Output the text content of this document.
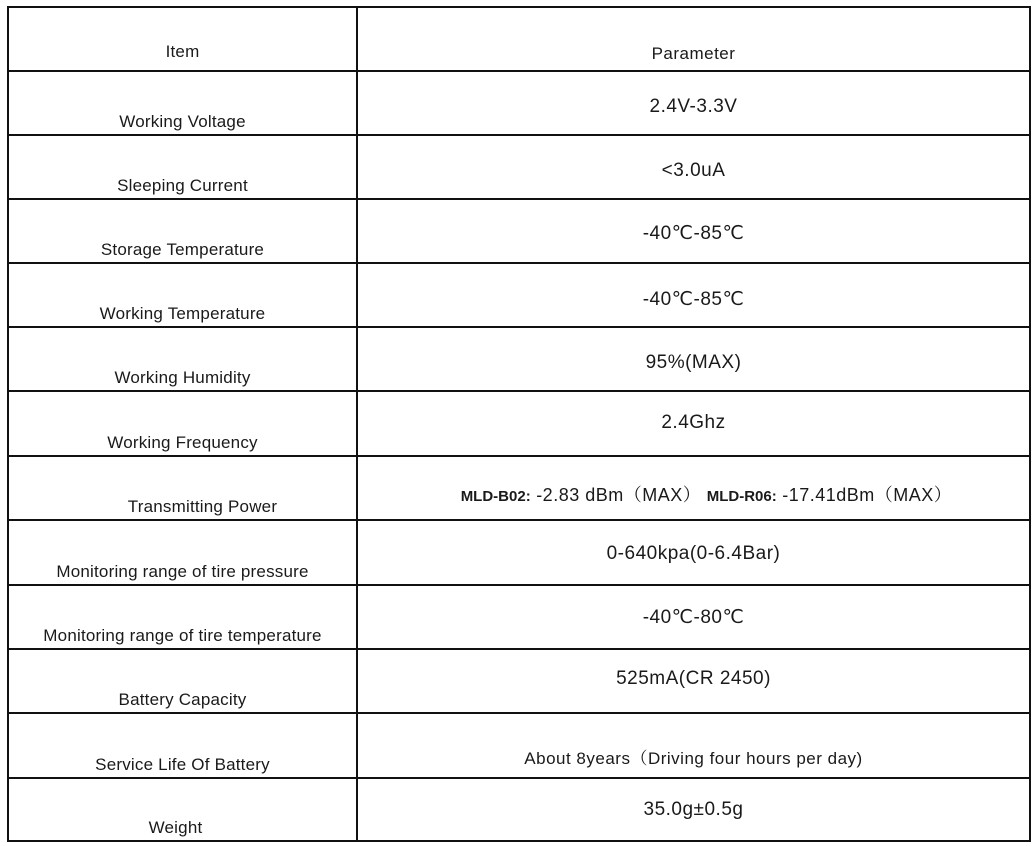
Item	Parameter

Working Voltage	2.4V-3.3V

Sleeping Current	<3.0uA

Storage Temperature	-40℃-85℃

Working Temperature	-40℃-85℃

Working Humidity	95%(MAX)

Working Frequency	2.4Ghz

Transmitting Power	MLD-B02: -2.83 dBm（MAX） MLD-R06: -17.41dBm（MAX）

Monitoring range of tire pressure	0-640kpa(0-6.4Bar)

Monitoring range of tire temperature	-40℃-80℃

Battery Capacity	525mA(CR 2450)

Service Life Of Battery	About 8years（Driving four hours per day)

Weight	35.0g±0.5g
